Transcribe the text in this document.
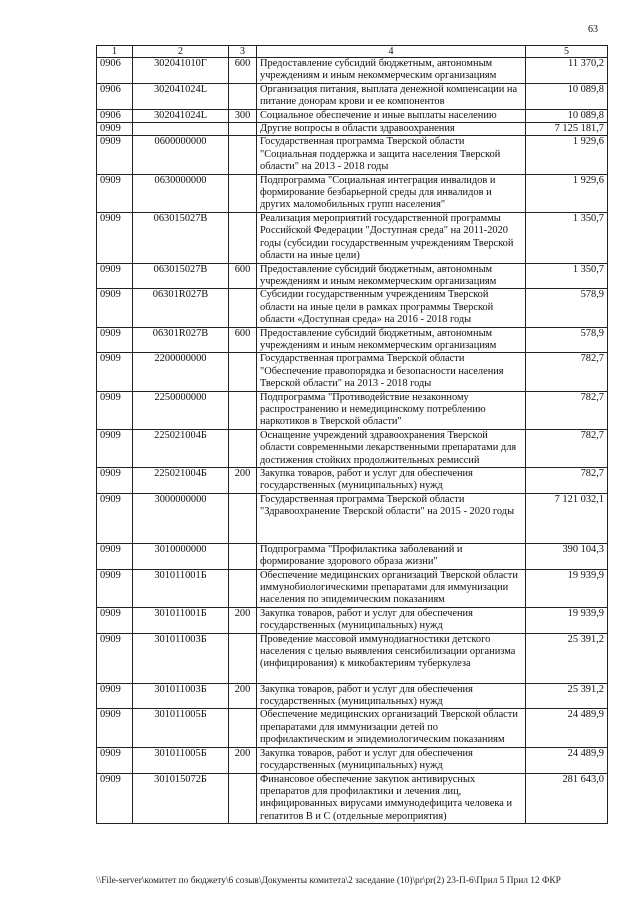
63
1	2	3	4	5
0906	302041010Г	600	Предоставление субсидий бюджетным, автономным учреждениям и иным некоммерческим организациям	11 370,2
0906	302041024L		Организация питания, выплата денежной компенсации на питание донорам крови и ее компонентов	10 089,8
0906	302041024L	300	Социальное обеспечение и иные выплаты населению	10 089,8
0909			Другие вопросы в области здравоохранения	7 125 181,7
0909	0600000000		Государственная программа Тверской области "Социальная поддержка и защита населения Тверской области" на 2013 - 2018 годы	1 929,6
0909	0630000000		Подпрограмма "Социальная интеграция инвалидов и формирование безбарьерной среды для инвалидов и других маломобильных групп населения"	1 929,6
0909	063015027В		Реализация мероприятий государственной программы Российской Федерации "Доступная среда" на 2011-2020 годы (субсидии государственным учреждениям Тверской области на иные цели)	1 350,7
0909	063015027В	600	Предоставление субсидий бюджетным, автономным учреждениям и иным некоммерческим организациям	1 350,7
0909	06301R027В		Субсидии государственным учреждениям Тверской области на иные цели в рамках программы Тверской области «Доступная среда» на 2016 - 2018 годы	578,9
0909	06301R027В	600	Предоставление субсидий бюджетным, автономным учреждениям и иным некоммерческим организациям	578,9
0909	2200000000		Государственная программа Тверской области "Обеспечение правопорядка и безопасности населения Тверской области" на 2013 - 2018 годы	782,7
0909	2250000000		Подпрограмма "Противодействие незаконному распространению и немедицинскому потреблению наркотиков в Тверской области"	782,7
0909	225021004Б		Оснащение учреждений здравоохранения Тверской области современными лекарственными препаратами для достижения стойких продолжительных ремиссий	782,7
0909	225021004Б	200	Закупка товаров, работ и услуг для обеспечения государственных (муниципальных) нужд	782,7
0909	3000000000		Государственная программа Тверской области "Здравоохранение Тверской области" на 2015 - 2020 годы	7 121 032,1
0909	3010000000		Подпрограмма "Профилактика заболеваний и формирование здорового образа жизни"	390 104,3
0909	301011001Б		Обеспечение медицинских организаций Тверской области иммунобиологическими препаратами для иммунизации населения по эпидемическим показаниям	19 939,9
0909	301011001Б	200	Закупка товаров, работ и услуг для обеспечения государственных (муниципальных) нужд	19 939,9
0909	301011003Б		Проведение массовой иммунодиагностики детского населения с целью выявления сенсибилизации организма (инфицирования) к микобактериям туберкулеза	25 391,2
0909	301011003Б	200	Закупка товаров, работ и услуг для обеспечения государственных (муниципальных) нужд	25 391,2
0909	301011005Б		Обеспечение медицинских организаций Тверской области препаратами для иммунизации детей по профилактическим и эпидемиологическим показаниям	24 489,9
0909	301011005Б	200	Закупка товаров, работ и услуг для обеспечения государственных (муниципальных) нужд	24 489,9
0909	301015072Б		Финансовое обеспечение закупок антивирусных препаратов для профилактики и лечения лиц, инфицированных вирусами иммунодефицита человека и гепатитов В и С (отдельные мероприятия)	281 643,0
\\File-server\комитет по бюджету\6 созыв\Документы комитета\2 заседание (10)\pr\pr(2) 23-П-6\Прил 5 Прил 12 ФКР
